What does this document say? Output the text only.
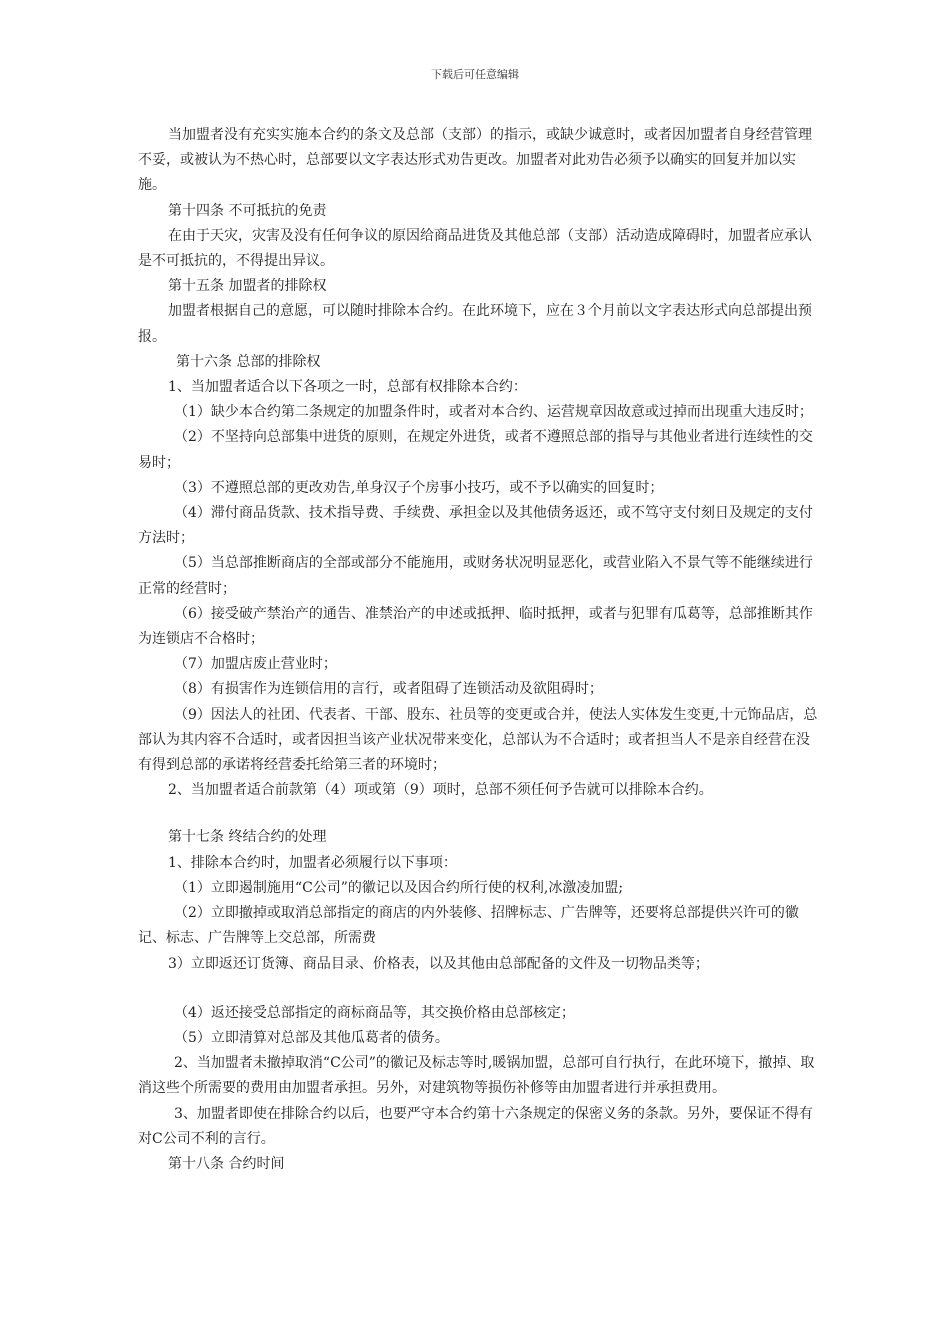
下载后可任意编辑

当加盟者没有充实实施本合约的条文及总部（支部）的指示，或缺少诚意时，或者因加盟者自身经营管理不妥，或被认为不热心时，总部要以文字表达形式劝告更改。加盟者对此劝告必须予以确实的回复并加以实施。

第十四条 不可抵抗的免责

在由于天灾，灾害及没有任何争议的原因给商品进货及其他总部（支部）活动造成障碍时，加盟者应承认是不可抵抗的，不得提出异议。

第十五条 加盟者的排除权

加盟者根据自己的意愿，可以随时排除本合约。在此环境下，应在３个月前以文字表达形式向总部提出预报。

第十六条 总部的排除权

1、当加盟者适合以下各项之一时，总部有权排除本合约：

（1）缺少本合约第二条规定的加盟条件时，或者对本合约、运营规章因故意或过掉而出现重大违反时；

（2）不坚持向总部集中进货的原则，在规定外进货，或者不遵照总部的指导与其他业者进行连续性的交易时；

（3）不遵照总部的更改劝告,单身汉子个房事小技巧，或不予以确实的回复时；

（4）滞付商品货款、技术指导费、手续费、承担金以及其他债务返还，或不笃守支付刻日及规定的支付方法时；

（5）当总部推断商店的全部或部分不能施用，或财务状况明显恶化，或营业陷入不景气等不能继续进行正常的经营时；

（6）接受破产禁治产的通告、准禁治产的申述或抵押、临时抵押，或者与犯罪有瓜葛等，总部推断其作为连锁店不合格时；

（7）加盟店废止营业时；

（8）有损害作为连锁信用的言行，或者阻碍了连锁活动及欲阻碍时；

（9）因法人的社团、代表者、干部、股东、社员等的变更或合并，使法人实体发生变更,十元饰品店，总部认为其内容不合适时，或者因担当该产业状况带来变化，总部认为不合适时；或者担当人不是亲自经营在没有得到总部的承诺将经营委托给第三者的环境时；

2、当加盟者适合前款第（4）项或第（9）项时，总部不须任何予告就可以排除本合约。

第十七条 终结合约的处理

1、排除本合约时，加盟者必须履行以下事项：

（1）立即遏制施用“C公司”的徽记以及因合约所行使的权利,冰激凌加盟;

（2）立即撤掉或取消总部指定的商店的内外装修、招牌标志、广告牌等，还要将总部提供兴许可的徽记、标志、广告牌等上交总部，所需费

3）立即返还订货簿、商品目录、价格表，以及其他由总部配备的文件及一切物品类等；

（4）返还接受总部指定的商标商品等，其交换价格由总部核定；

（5）立即清算对总部及其他瓜葛者的债务。

2、当加盟者未撤掉取消“C公司”的徽记及标志等时,暖锅加盟，总部可自行执行，在此环境下，撤掉、取消这些个所需要的费用由加盟者承担。另外，对建筑物等损伤补修等由加盟者进行并承担费用。

3、加盟者即使在排除合约以后，也要严守本合约第十六条规定的保密义务的条款。另外，要保证不得有对C公司不利的言行。

第十八条 合约时间
